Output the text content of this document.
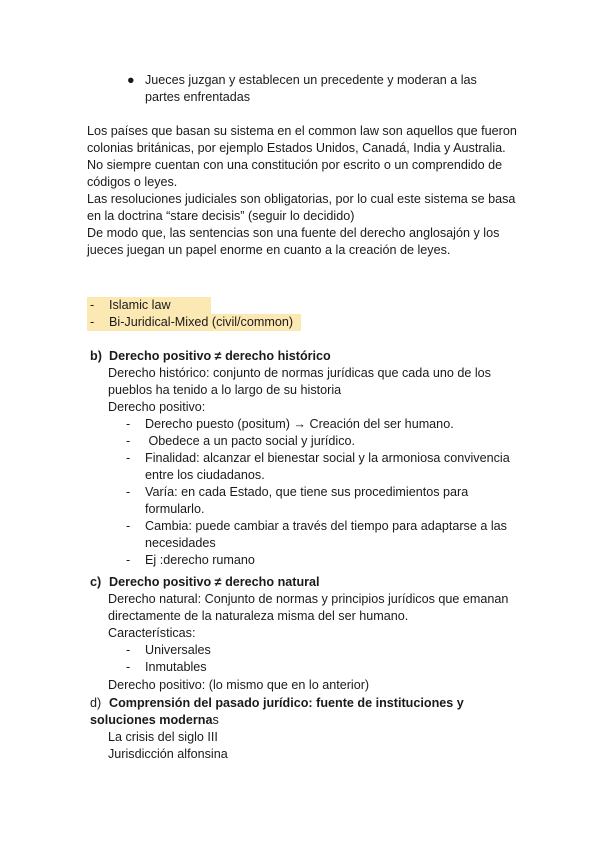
● Jueces juzgan y establecen un precedente y moderan a las partes enfrentadas

Los países que basan su sistema en el common law son aquellos que fueron colonias británicas, por ejemplo Estados Unidos, Canadá, India y Australia.

No siempre cuentan con una constitución por escrito o un comprendido de códigos o leyes.

Las resoluciones judiciales son obligatorias, por lo cual este sistema se basa en la doctrina “stare decisis” (seguir lo decidido)

De modo que, las sentencias son una fuente del derecho anglosajón y los jueces juegan un papel enorme en cuanto a la creación de leyes.

- Islamic law
- Bi-Juridical-Mixed (civil/common)
b) Derecho positivo ≠ derecho histórico

Derecho histórico: conjunto de normas jurídicas que cada uno de los pueblos ha tenido a lo largo de su historia

Derecho positivo:

- Derecho puesto (positum) → Creación del ser humano.
- Obedece a un pacto social y jurídico.
- Finalidad: alcanzar el bienestar social y la armoniosa convivencia entre los ciudadanos.
- Varía: en cada Estado, que tiene sus procedimientos para formularlo.
- Cambia: puede cambiar a través del tiempo para adaptarse a las necesidades
- Ej :derecho rumano
c) Derecho positivo ≠ derecho natural

Derecho natural: Conjunto de normas y principios jurídicos que emanan directamente de la naturaleza misma del ser humano.

Características:

- Universales
- Inmutables

Derecho positivo: (lo mismo que en lo anterior)

d) Comprensión del pasado jurídico: fuente de instituciones y soluciones modernas

La crisis del siglo III

Jurisdicción alfonsina
